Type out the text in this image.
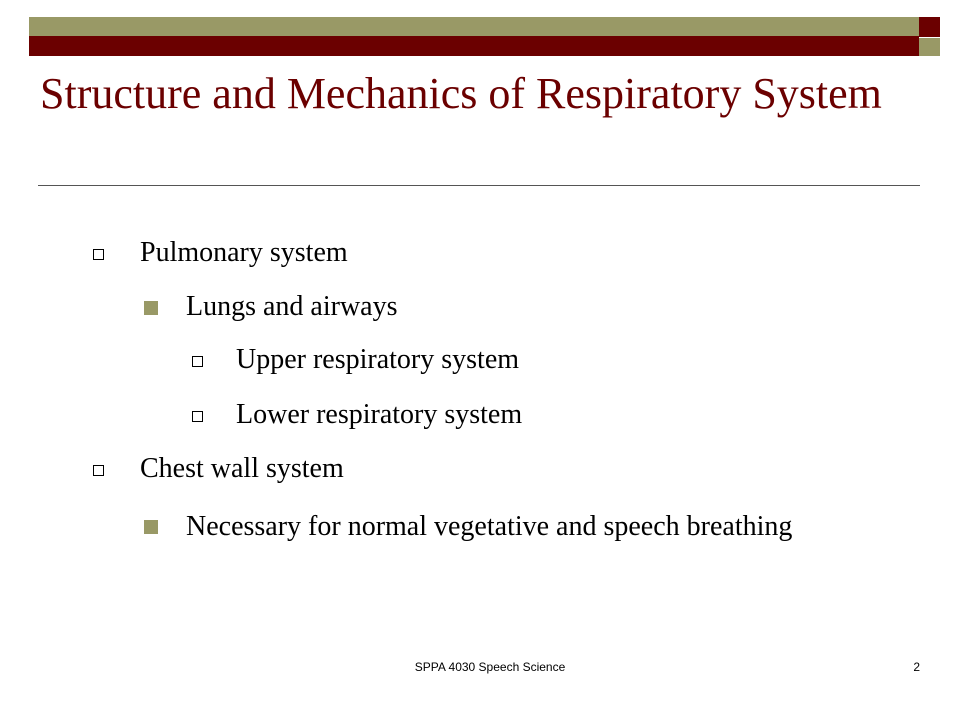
Structure and Mechanics of Respiratory System
Pulmonary system
Lungs and airways
Upper respiratory system
Lower respiratory system
Chest wall system
Necessary for normal vegetative and speech breathing
SPPA 4030 Speech Science	2
